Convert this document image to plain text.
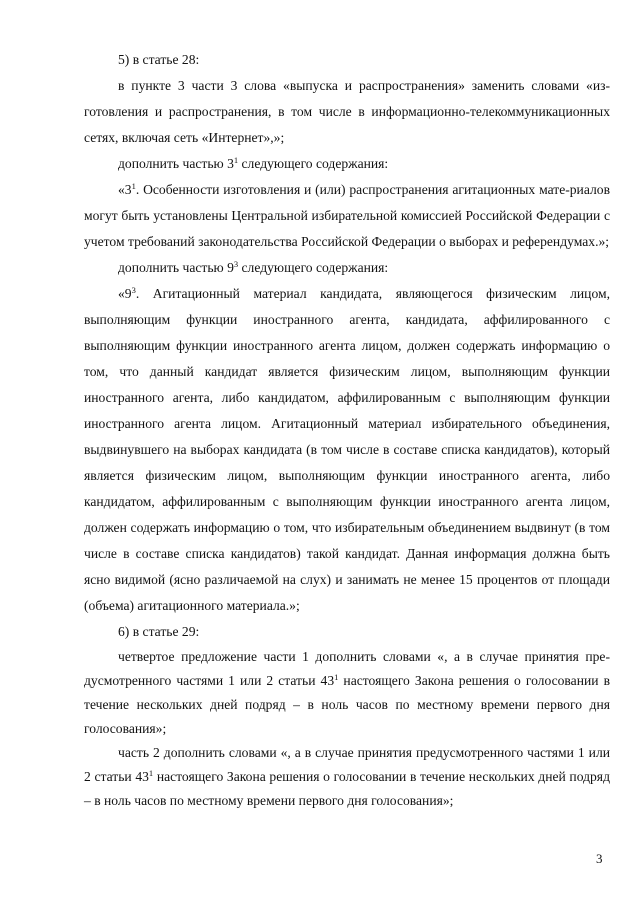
5) в статье 28:

в пункте 3 части 3 слова «выпуска и распространения» заменить словами «из-готовления и распространения, в том числе в информационно-телекоммуникационных сетях, включая сеть «Интернет»,»;

дополнить частью $3^1$ следующего содержания:

«$3^1$. Особенности изготовления и (или) распространения агитационных мате-риалов могут быть установлены Центральной избирательной комиссией Российской Федерации с учетом требований законодательства Российской Федерации о выборах и референдумах.»;

дополнить частью $9^3$ следующего содержания:

«$9^3$. Агитационный материал кандидата, являющегося физическим лицом, выполняющим функции иностранного агента, кандидата, аффилированного с выполняющим функции иностранного агента лицом, должен содержать информацию о том, что данный кандидат является физическим лицом, выполняющим функции иностранного агента, либо кандидатом, аффилированным с выполняющим функции иностранного агента лицом. Агитационный материал избирательного объединения, выдвинувшего на выборах кандидата (в том числе в составе списка кандидатов), который является физическим лицом, выполняющим функции иностранного агента, либо кандидатом, аффилированным с выполняющим функции иностранного агента лицом, должен содержать информацию о том, что избирательным объединением выдвинут (в том числе в составе списка кандидатов) такой кандидат. Данная информация должна быть ясно видимой (ясно различаемой на слух) и занимать не менее 15 процентов от площади (объема) агитационного материала.»;

6) в статье 29:

четвертое предложение части 1 дополнить словами «, а в случае принятия пре-дусмотренного частями 1 или 2 статьи $43^1$ настоящего Закона решения о голосовании в течение нескольких дней подряд – в ноль часов по местному времени первого дня голосования»;

часть 2 дополнить словами «, а в случае принятия предусмотренного частями 1 или 2 статьи $43^1$ настоящего Закона решения о голосовании в течение нескольких дней подряд – в ноль часов по местному времени первого дня голосования»;

3
